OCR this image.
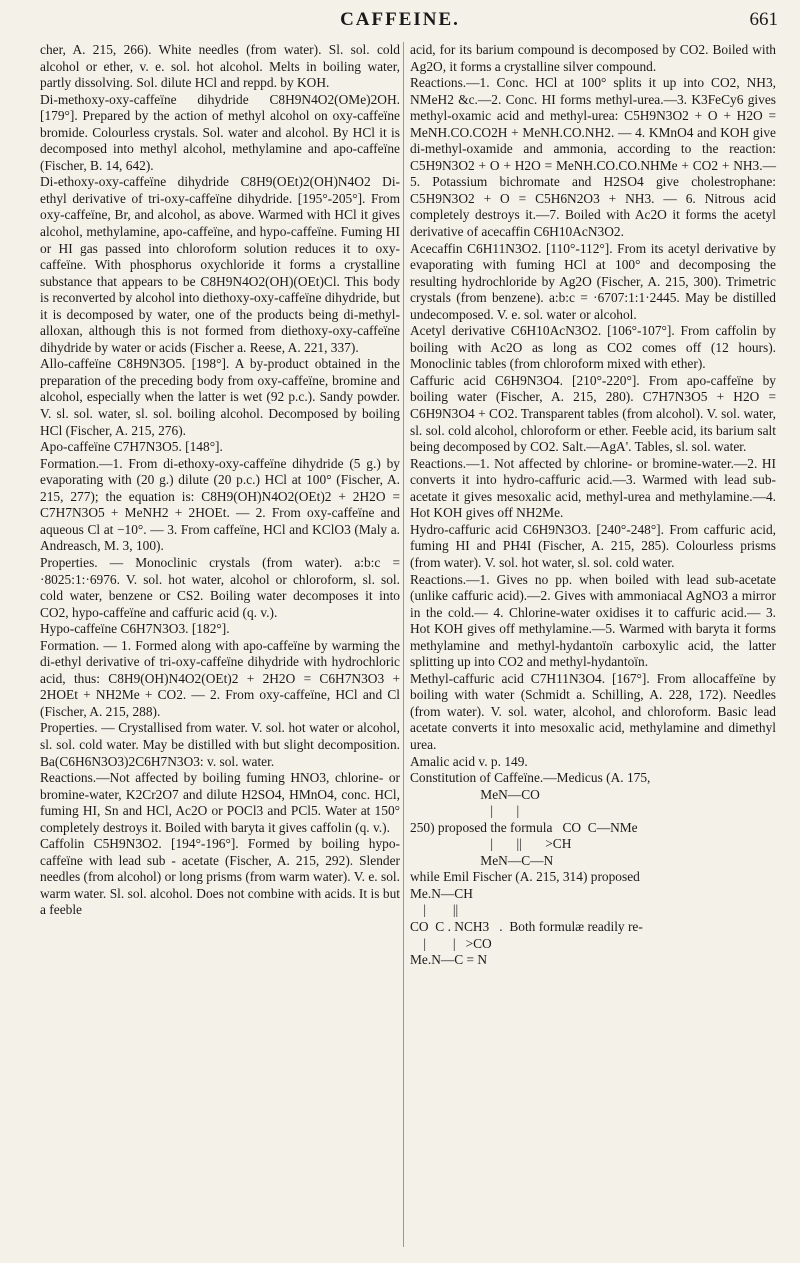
CAFFEINE.	661

cher, A. 215, 266). White needles (from water). Sl. sol. cold alcohol or ether, v. e. sol. hot alcohol. Melts in boiling water, partly dissolving. Sol. dilute HCl and reppd. by KOH.

Di-methoxy-oxy-caffeïne dihydride C8H9N4O2(OMe)2OH. [179°]. Prepared by the action of methyl alcohol on oxy-caffeïne bromide. Colourless crystals. Sol. water and alcohol. By HCl it is decomposed into methyl alcohol, methylamine and apo-caffeïne (Fischer, B. 14, 642).

Di-ethoxy-oxy-caffeïne dihydride C8H9(OEt)2(OH)N4O2 Di-ethyl derivative of tri-oxy-caffeïne dihydride. [195°-205°]. From oxy-caffeïne, Br, and alcohol, as above. Warmed with HCl it gives alcohol, methylamine, apo-caffeïne, and hypo-caffeïne. Fuming HI or HI gas passed into chloroform solution reduces it to oxy-caffeïne. With phosphorus oxychloride it forms a crystalline substance that appears to be C8H9N4O2(OH)(OEt)Cl. This body is reconverted by alcohol into diethoxy-oxy-caffeïne dihydride, but it is decomposed by water, one of the products being di-methyl-alloxan, although this is not formed from diethoxy-oxy-caffeïne dihydride by water or acids (Fischer a. Reese, A. 221, 337).

Allo-caffeïne C8H9N3O5. [198°]. A by-product obtained in the preparation of the preceding body from oxy-caffeïne, bromine and alcohol, especially when the latter is wet (92 p.c.). Sandy powder. V. sl. sol. water, sl. sol. boiling alcohol. Decomposed by boiling HCl (Fischer, A. 215, 276).

Apo-caffeïne C7H7N3O5. [148°].

Formation.—1. From di-ethoxy-oxy-caffeïne dihydride (5 g.) by evaporating with (20 g.) dilute (20 p.c.) HCl at 100° (Fischer, A. 215, 277); the equation is: C8H9(OH)N4O2(OEt)2 + 2H2O = C7H7N3O5 + MeNH2 + 2HOEt. — 2. From oxy-caffeïne and aqueous Cl at −10°. — 3. From caffeïne, HCl and KClO3 (Maly a. Andreasch, M. 3, 100).

Properties. — Monoclinic crystals (from water). a:b:c = ·8025:1:·6976. V. sol. hot water, alcohol or chloroform, sl. sol. cold water, benzene or CS2. Boiling water decomposes it into CO2, hypo-caffeïne and caffuric acid (q. v.).

Hypo-caffeïne C6H7N3O3. [182°].

Formation. — 1. Formed along with apo-caffeïne by warming the di-ethyl derivative of tri-oxy-caffeïne dihydride with hydrochloric acid, thus: C8H9(OH)N4O2(OEt)2 + 2H2O = C6H7N3O3 + 2HOEt + NH2Me + CO2. — 2. From oxy-caffeïne, HCl and Cl (Fischer, A. 215, 288).

Properties. — Crystallised from water. V. sol. hot water or alcohol, sl. sol. cold water. May be distilled with but slight decomposition. Ba(C6H6N3O3)2C6H7N3O3: v. sol. water.

Reactions.—Not affected by boiling fuming HNO3, chlorine- or bromine-water, K2Cr2O7 and dilute H2SO4, HMnO4, conc. HCl, fuming HI, Sn and HCl, Ac2O or POCl3 and PCl5. Water at 150° completely destroys it. Boiled with baryta it gives caffolin (q. v.).

Caffolin C5H9N3O2. [194°-196°]. Formed by boiling hypo-caffeïne with lead sub - acetate (Fischer, A. 215, 292). Slender needles (from alcohol) or long prisms (from warm water). V. e. sol. warm water. Sl. sol. alcohol. Does not combine with acids. It is but a feeble

acid, for its barium compound is decomposed by CO2. Boiled with Ag2O, it forms a crystalline silver compound.

Reactions.—1. Conc. HCl at 100° splits it up into CO2, NH3, NMeH2 &c.—2. Conc. HI forms methyl-urea.—3. K3FeCy6 gives methyl-oxamic acid and methyl-urea: C5H9N3O2 + O + H2O = MeNH.CO.CO2H + MeNH.CO.NH2. — 4. KMnO4 and KOH give di-methyl-oxamide and ammonia, according to the reaction: C5H9N3O2 + O + H2O = MeNH.CO.CO.NHMe + CO2 + NH3.—5. Potassium bichromate and H2SO4 give cholestrophane: C5H9N3O2 + O = C5H6N2O3 + NH3. — 6. Nitrous acid completely destroys it.—7. Boiled with Ac2O it forms the acetyl derivative of acecaffin C6H10AcN3O2.

Acecaffin C6H11N3O2. [110°-112°]. From its acetyl derivative by evaporating with fuming HCl at 100° and decomposing the resulting hydrochloride by Ag2O (Fischer, A. 215, 300). Trimetric crystals (from benzene). a:b:c = ·6707:1:1·2445. May be distilled undecomposed. V. e. sol. water or alcohol.

Acetyl derivative C6H10AcN3O2. [106°-107°]. From caffolin by boiling with Ac2O as long as CO2 comes off (12 hours). Monoclinic tables (from chloroform mixed with ether).

Caffuric acid C6H9N3O4. [210°-220°]. From apo-caffeïne by boiling water (Fischer, A. 215, 280). C7H7N3O5 + H2O = C6H9N3O4 + CO2. Transparent tables (from alcohol). V. sol. water, sl. sol. cold alcohol, chloroform or ether. Feeble acid, its barium salt being decomposed by CO2. Salt.—AgA'. Tables, sl. sol. water.

Reactions.—1. Not affected by chlorine- or bromine-water.—2. HI converts it into hydro-caffuric acid.—3. Warmed with lead sub-acetate it gives mesoxalic acid, methyl-urea and methylamine.—4. Hot KOH gives off NH2Me.

Hydro-caffuric acid C6H9N3O3. [240°-248°]. From caffuric acid, fuming HI and PH4I (Fischer, A. 215, 285). Colourless prisms (from water). V. sol. hot water, sl. sol. cold water.

Reactions.—1. Gives no pp. when boiled with lead sub-acetate (unlike caffuric acid).—2. Gives with ammoniacal AgNO3 a mirror in the cold.— 4. Chlorine-water oxidises it to caffuric acid.— 3. Hot KOH gives off methylamine.—5. Warmed with baryta it forms methylamine and methyl-hydantoïn carboxylic acid, the latter splitting up into CO2 and methyl-hydantoïn.

Methyl-caffuric acid C7H11N3O4. [167°]. From allocaffeïne by boiling with water (Schmidt a. Schilling, A. 228, 172). Needles (from water). V. sol. water, alcohol, and chloroform. Basic lead acetate converts it into mesoxalic acid, methylamine and dimethyl urea.

Amalic acid v. p. 149.

Constitution of Caffeïne.—Medicus (A. 175,

MeN—CO

|       |

250) proposed the formula   CO  C—NMe

|       ||       >CH

MeN—C—N

while Emil Fischer (A. 215, 314) proposed

Me.N—CH

|        ||

CO  C . NCH3   .  Both formulæ readily re-

|        |   >CO

Me.N—C = N
